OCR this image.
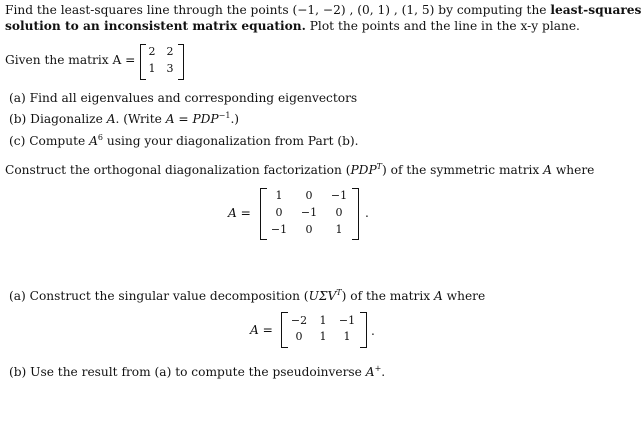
Find the least-squares line through the points (−1, −2) , (0, 1) , (1, 5) by computing the least-squares
solution to an inconsistent matrix equation. Plot the points and the line in the x-y plane.
Given the matrix A =
2 2
1 3
(a) Find all eigenvalues and corresponding eigenvectors
(b) Diagonalize A. (Write $A = PDP^{-1}$.)
(c) Compute $A^6$ using your diagonalization from Part (b).
Construct the orthogonal diagonalization factorization $(PDP^T)$ of the symmetric matrix A where
A =
1	0	−1
0	−1	0
−1	0	1
.
(a) Construct the singular value decomposition $(U\Sigma V^T)$ of the matrix A where
A =
−2	1	−1
0	1	1	.
(b) Use the result from (a) to compute the pseudoinverse A+.
